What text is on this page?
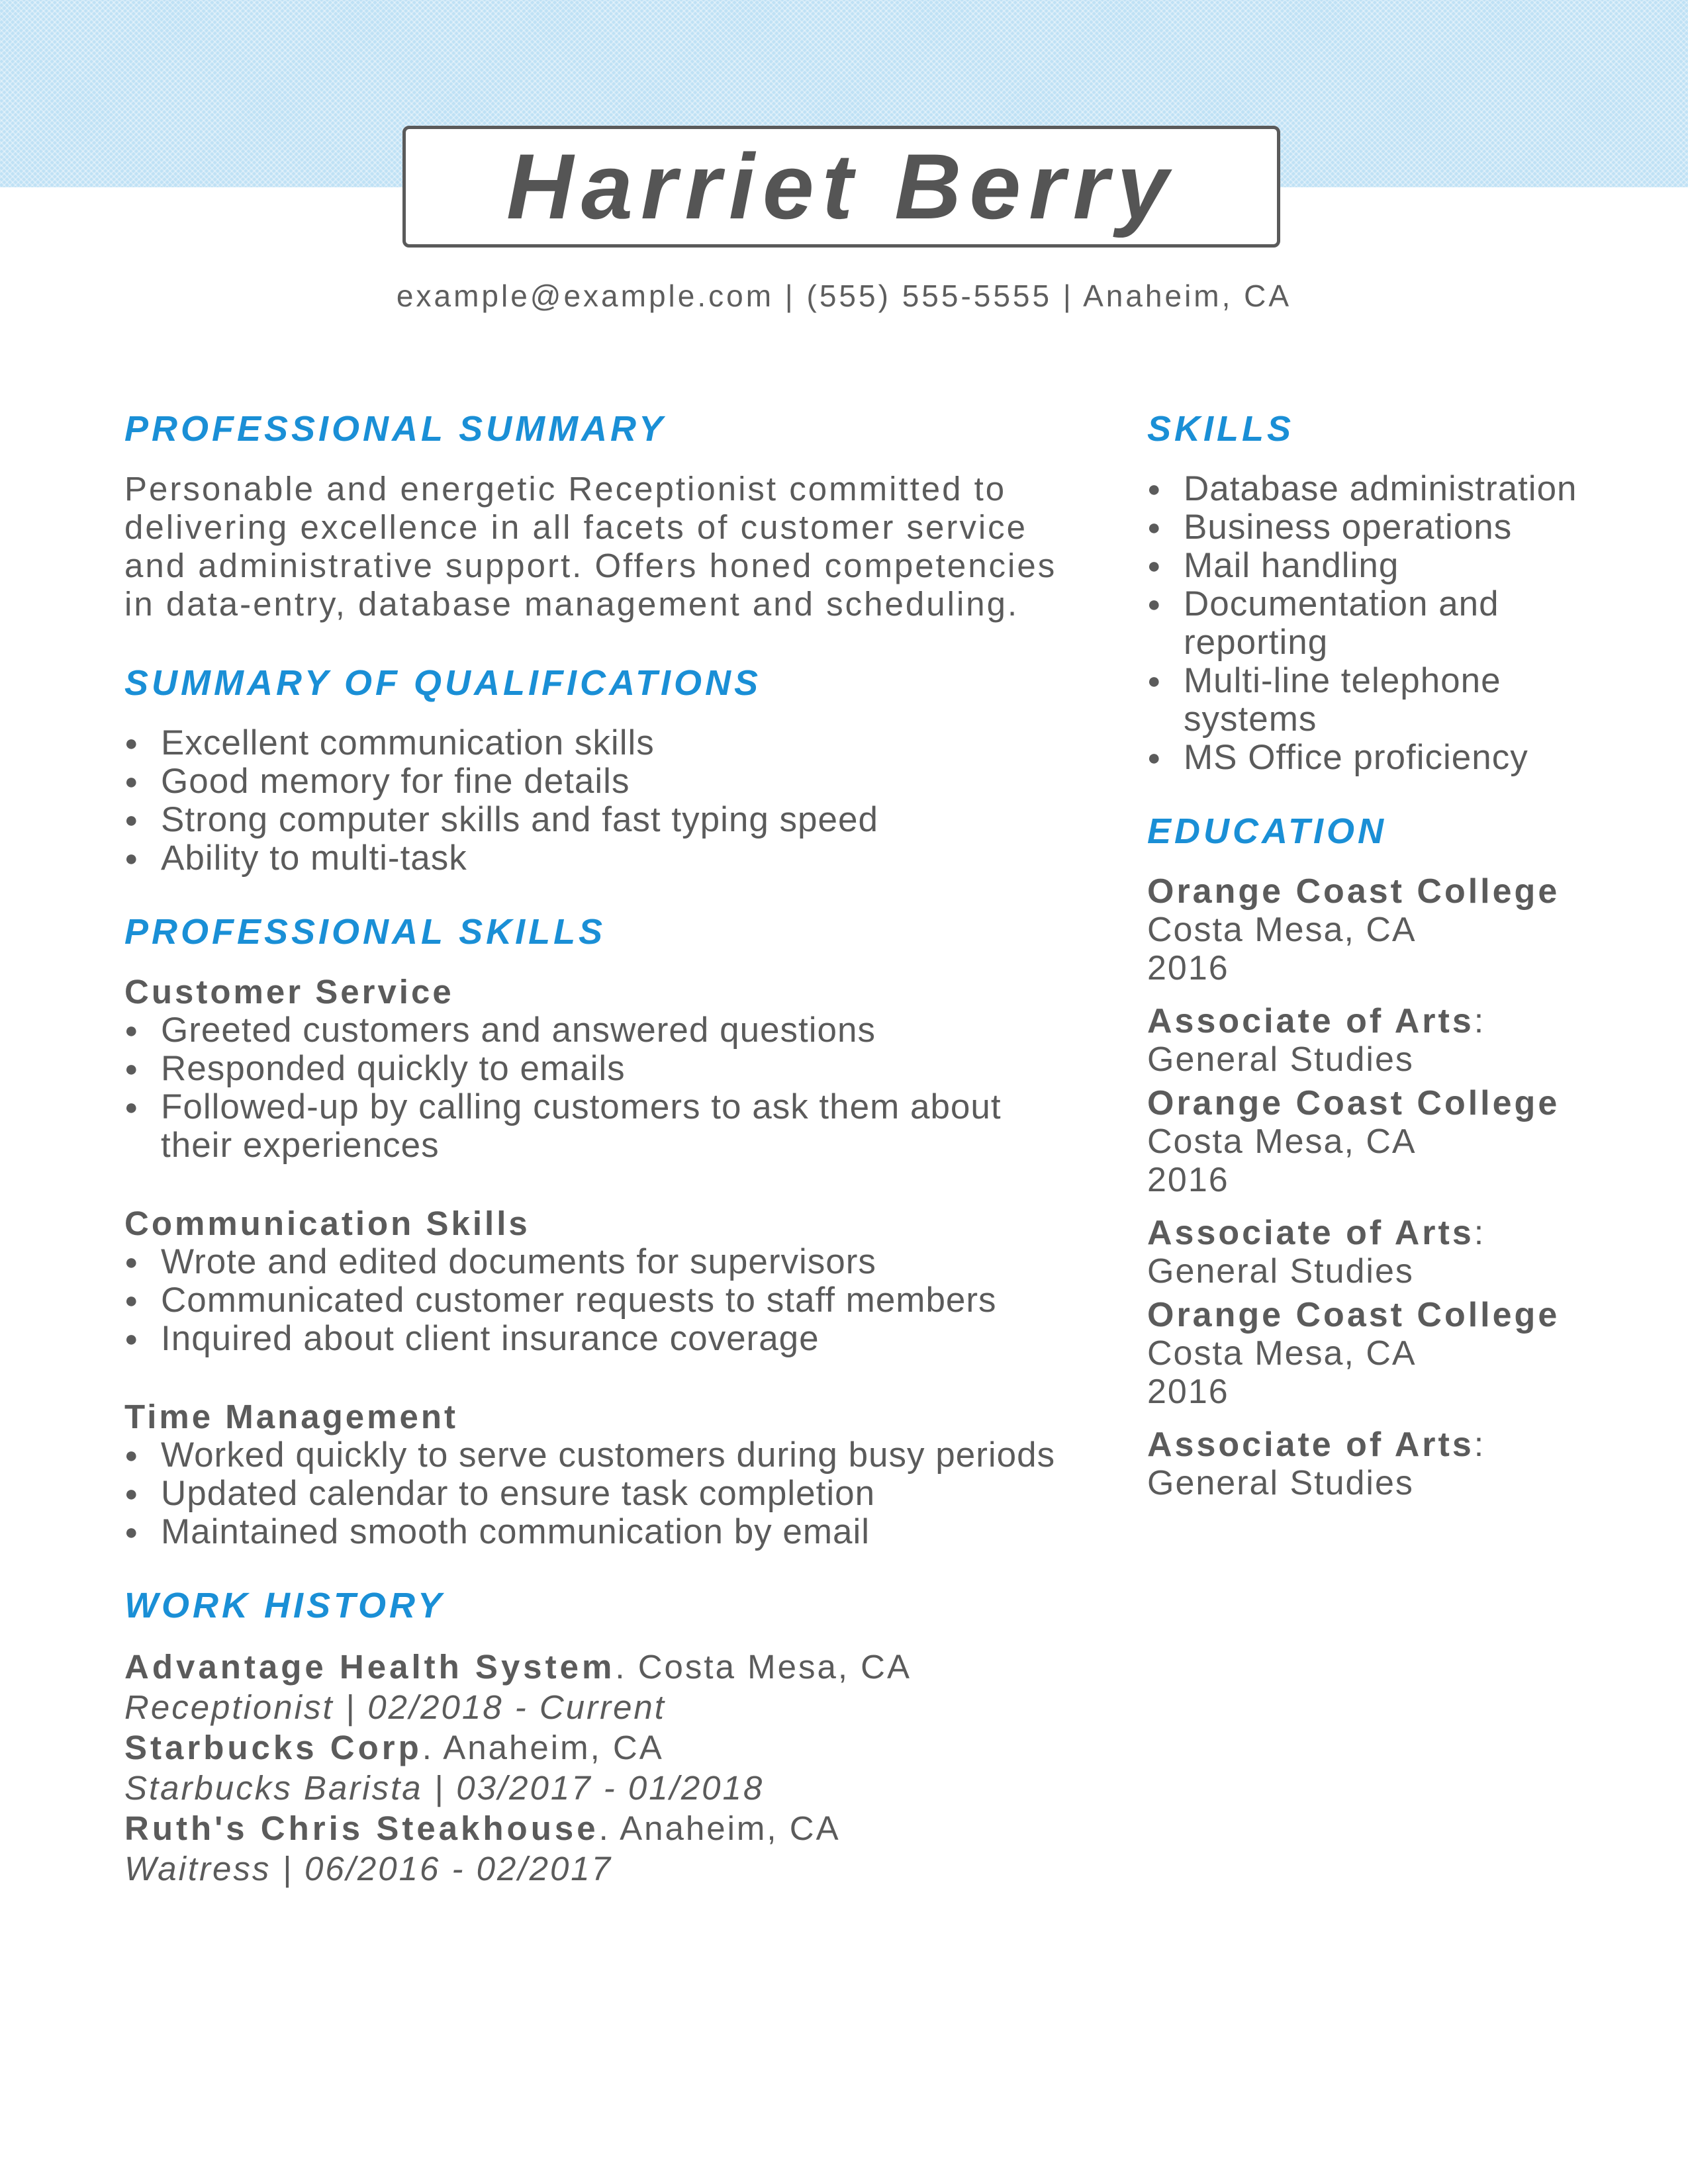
Harriet Berry
example@example.com | (555) 555-5555 | Anaheim, CA
PROFESSIONAL SUMMARY

Personable and energetic Receptionist committed to delivering excellence in all facets of customer service and administrative support. Offers honed competencies in data-entry, database management and scheduling.

SUMMARY OF QUALIFICATIONS
● Excellent communication skills
● Good memory for fine details
● Strong computer skills and fast typing speed
● Ability to multi-task
PROFESSIONAL SKILLS
Customer Service
● Greeted customers and answered questions
● Responded quickly to emails
● Followed-up by calling customers to ask them about their experiences
Communication Skills
● Wrote and edited documents for supervisors
● Communicated customer requests to staff members
● Inquired about client insurance coverage
Time Management
● Worked quickly to serve customers during busy periods
● Updated calendar to ensure task completion
● Maintained smooth communication by email
WORK HISTORY
Advantage Health System. Costa Mesa, CA
Receptionist | 02/2018 - Current
Starbucks Corp. Anaheim, CA
Starbucks Barista | 03/2017 - 01/2018
Ruth's Chris Steakhouse. Anaheim, CA
Waitress | 06/2016 - 02/2017
SKILLS
● Database administration
● Business operations
● Mail handling
● Documentation and reporting
● Multi-line telephone systems
● MS Office proficiency
EDUCATION
Orange Coast College
Costa Mesa, CA
2016
Associate of Arts:
General Studies
Orange Coast College
Costa Mesa, CA
2016
Associate of Arts:
General Studies
Orange Coast College
Costa Mesa, CA
2016
Associate of Arts:
General Studies
